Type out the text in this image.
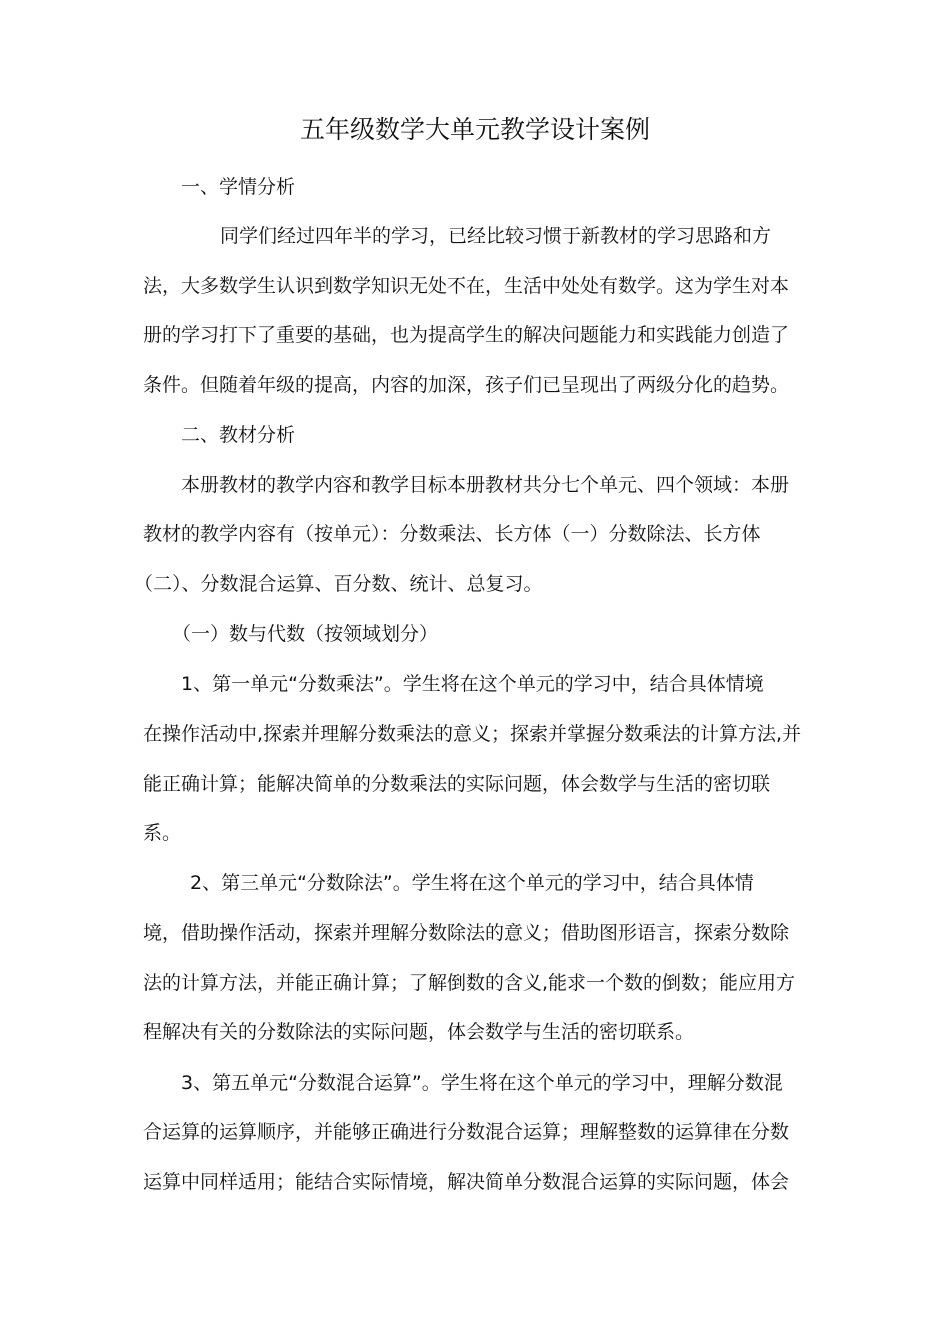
五年级数学大单元教学设计案例

一、学情分析

同学们经过四年半的学习，已经比较习惯于新教材的学习思路和方

法，大多数学生认识到数学知识无处不在，生活中处处有数学。这为学生对本

册的学习打下了重要的基础，也为提高学生的解决问题能力和实践能力创造了

条件。但随着年级的提高，内容的加深，孩子们已呈现出了两级分化的趋势。

二、教材分析

本册教材的教学内容和教学目标本册教材共分七个单元、四个领域：本册

教材的教学内容有（按单元）：分数乘法、长方体（一）分数除法、长方体

（二）、分数混合运算、百分数、统计、总复习。

（一）数与代数（按领域划分）

1、第一单元“分数乘法”。学生将在这个单元的学习中，结合具体情境

在操作活动中,探索并理解分数乘法的意义；探索并掌握分数乘法的计算方法,并

能正确计算；能解决简单的分数乘法的实际问题，体会数学与生活的密切联

系。

2、第三单元“分数除法”。学生将在这个单元的学习中，结合具体情

境，借助操作活动，探索并理解分数除法的意义；借助图形语言，探索分数除

法的计算方法，并能正确计算；了解倒数的含义,能求一个数的倒数；能应用方

程解决有关的分数除法的实际问题，体会数学与生活的密切联系。

3、第五单元“分数混合运算”。学生将在这个单元的学习中，理解分数混

合运算的运算顺序，并能够正确进行分数混合运算；理解整数的运算律在分数

运算中同样适用；能结合实际情境，解决简单分数混合运算的实际问题，体会
